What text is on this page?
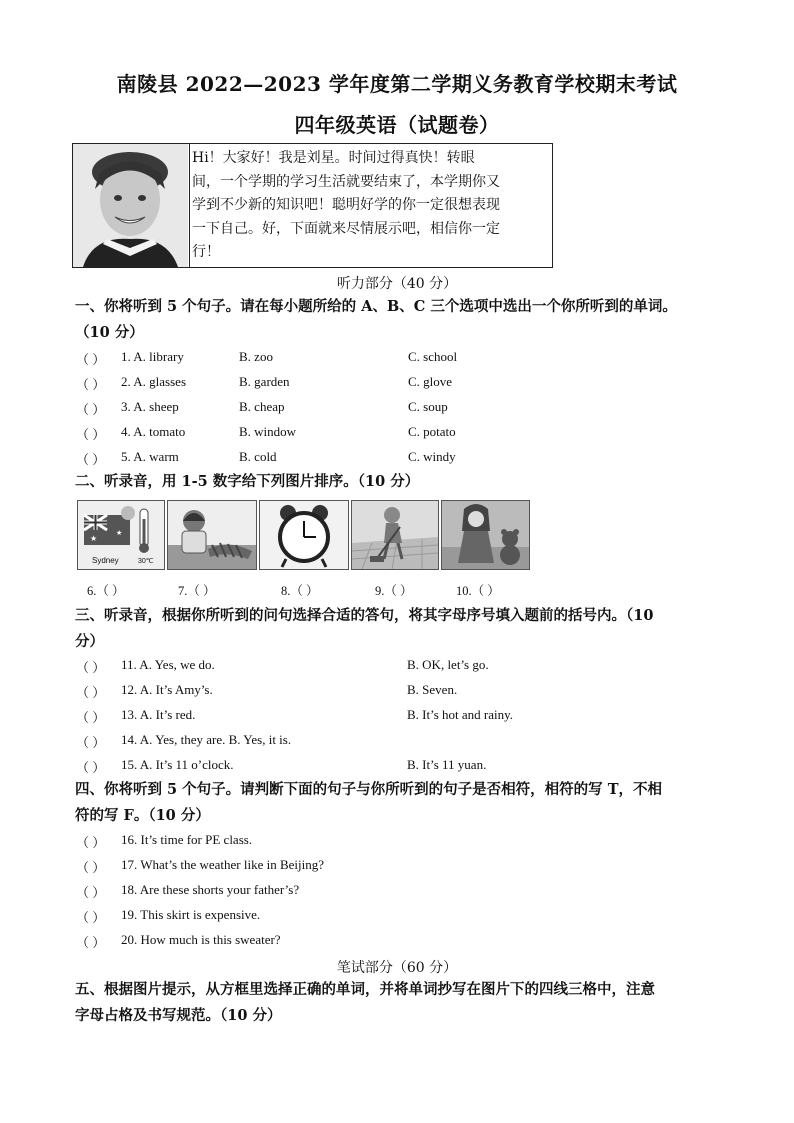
南陵县 2022—2023 学年度第二学期义务教育学校期末考试
四年级英语（试题卷）
Hi！大家好！我是刘星。时间过得真快！转眼
间，一个学期的学习生活就要结束了，本学期你又
学到不少新的知识吧！聪明好学的你一定很想表现
一下自己。好，下面就来尽情展示吧，相信你一定
行！
听力部分（40 分）
一、你将听到 5 个句子。请在每小题所给的 A、B、C 三个选项中选出一个你所听到的单词。
（10 分）
（ ） 1. A. library	B. zoo	C. school
（ ） 2. A. glasses	B. garden	C. glove
（ ） 3. A. sheep	B. cheap	C. soup
（ ） 4. A. tomato	B. window	C. potato
（ ） 5. A. warm	B. cold	C. windy
二、听录音，用 1-5 数字给下列图片排序。（10 分）
★
★
Sydney	30℃
6.（ ）	7.（ ）	8.（ ）	9.（ ）	10.（ ）
三、听录音，根据你所听到的问句选择合适的答句，将其字母序号填入题前的括号内。（10
分）
（ ） 11. A. Yes, we do.	B. OK, let’s go.
（ ） 12. A. It’s Amy’s.	B. Seven.
（ ） 13. A. It’s red.	B. It’s hot and rainy.
（ ） 14. A. Yes, they are. B. Yes, it is.
（ ） 15. A. It’s 11 o’clock.	B. It’s 11 yuan.
四、你将听到 5 个句子。请判断下面的句子与你所听到的句子是否相符，相符的写 T，不相
符的写 F。（10 分）
（ ） 16. It’s time for PE class.
（ ） 17. What’s the weather like in Beijing?
（ ） 18. Are these shorts your father’s?
（ ） 19. This skirt is expensive.
（ ） 20. How much is this sweater?
笔试部分（60 分）
五、根据图片提示，从方框里选择正确的单词，并将单词抄写在图片下的四线三格中，注意
字母占格及书写规范。（10 分）
